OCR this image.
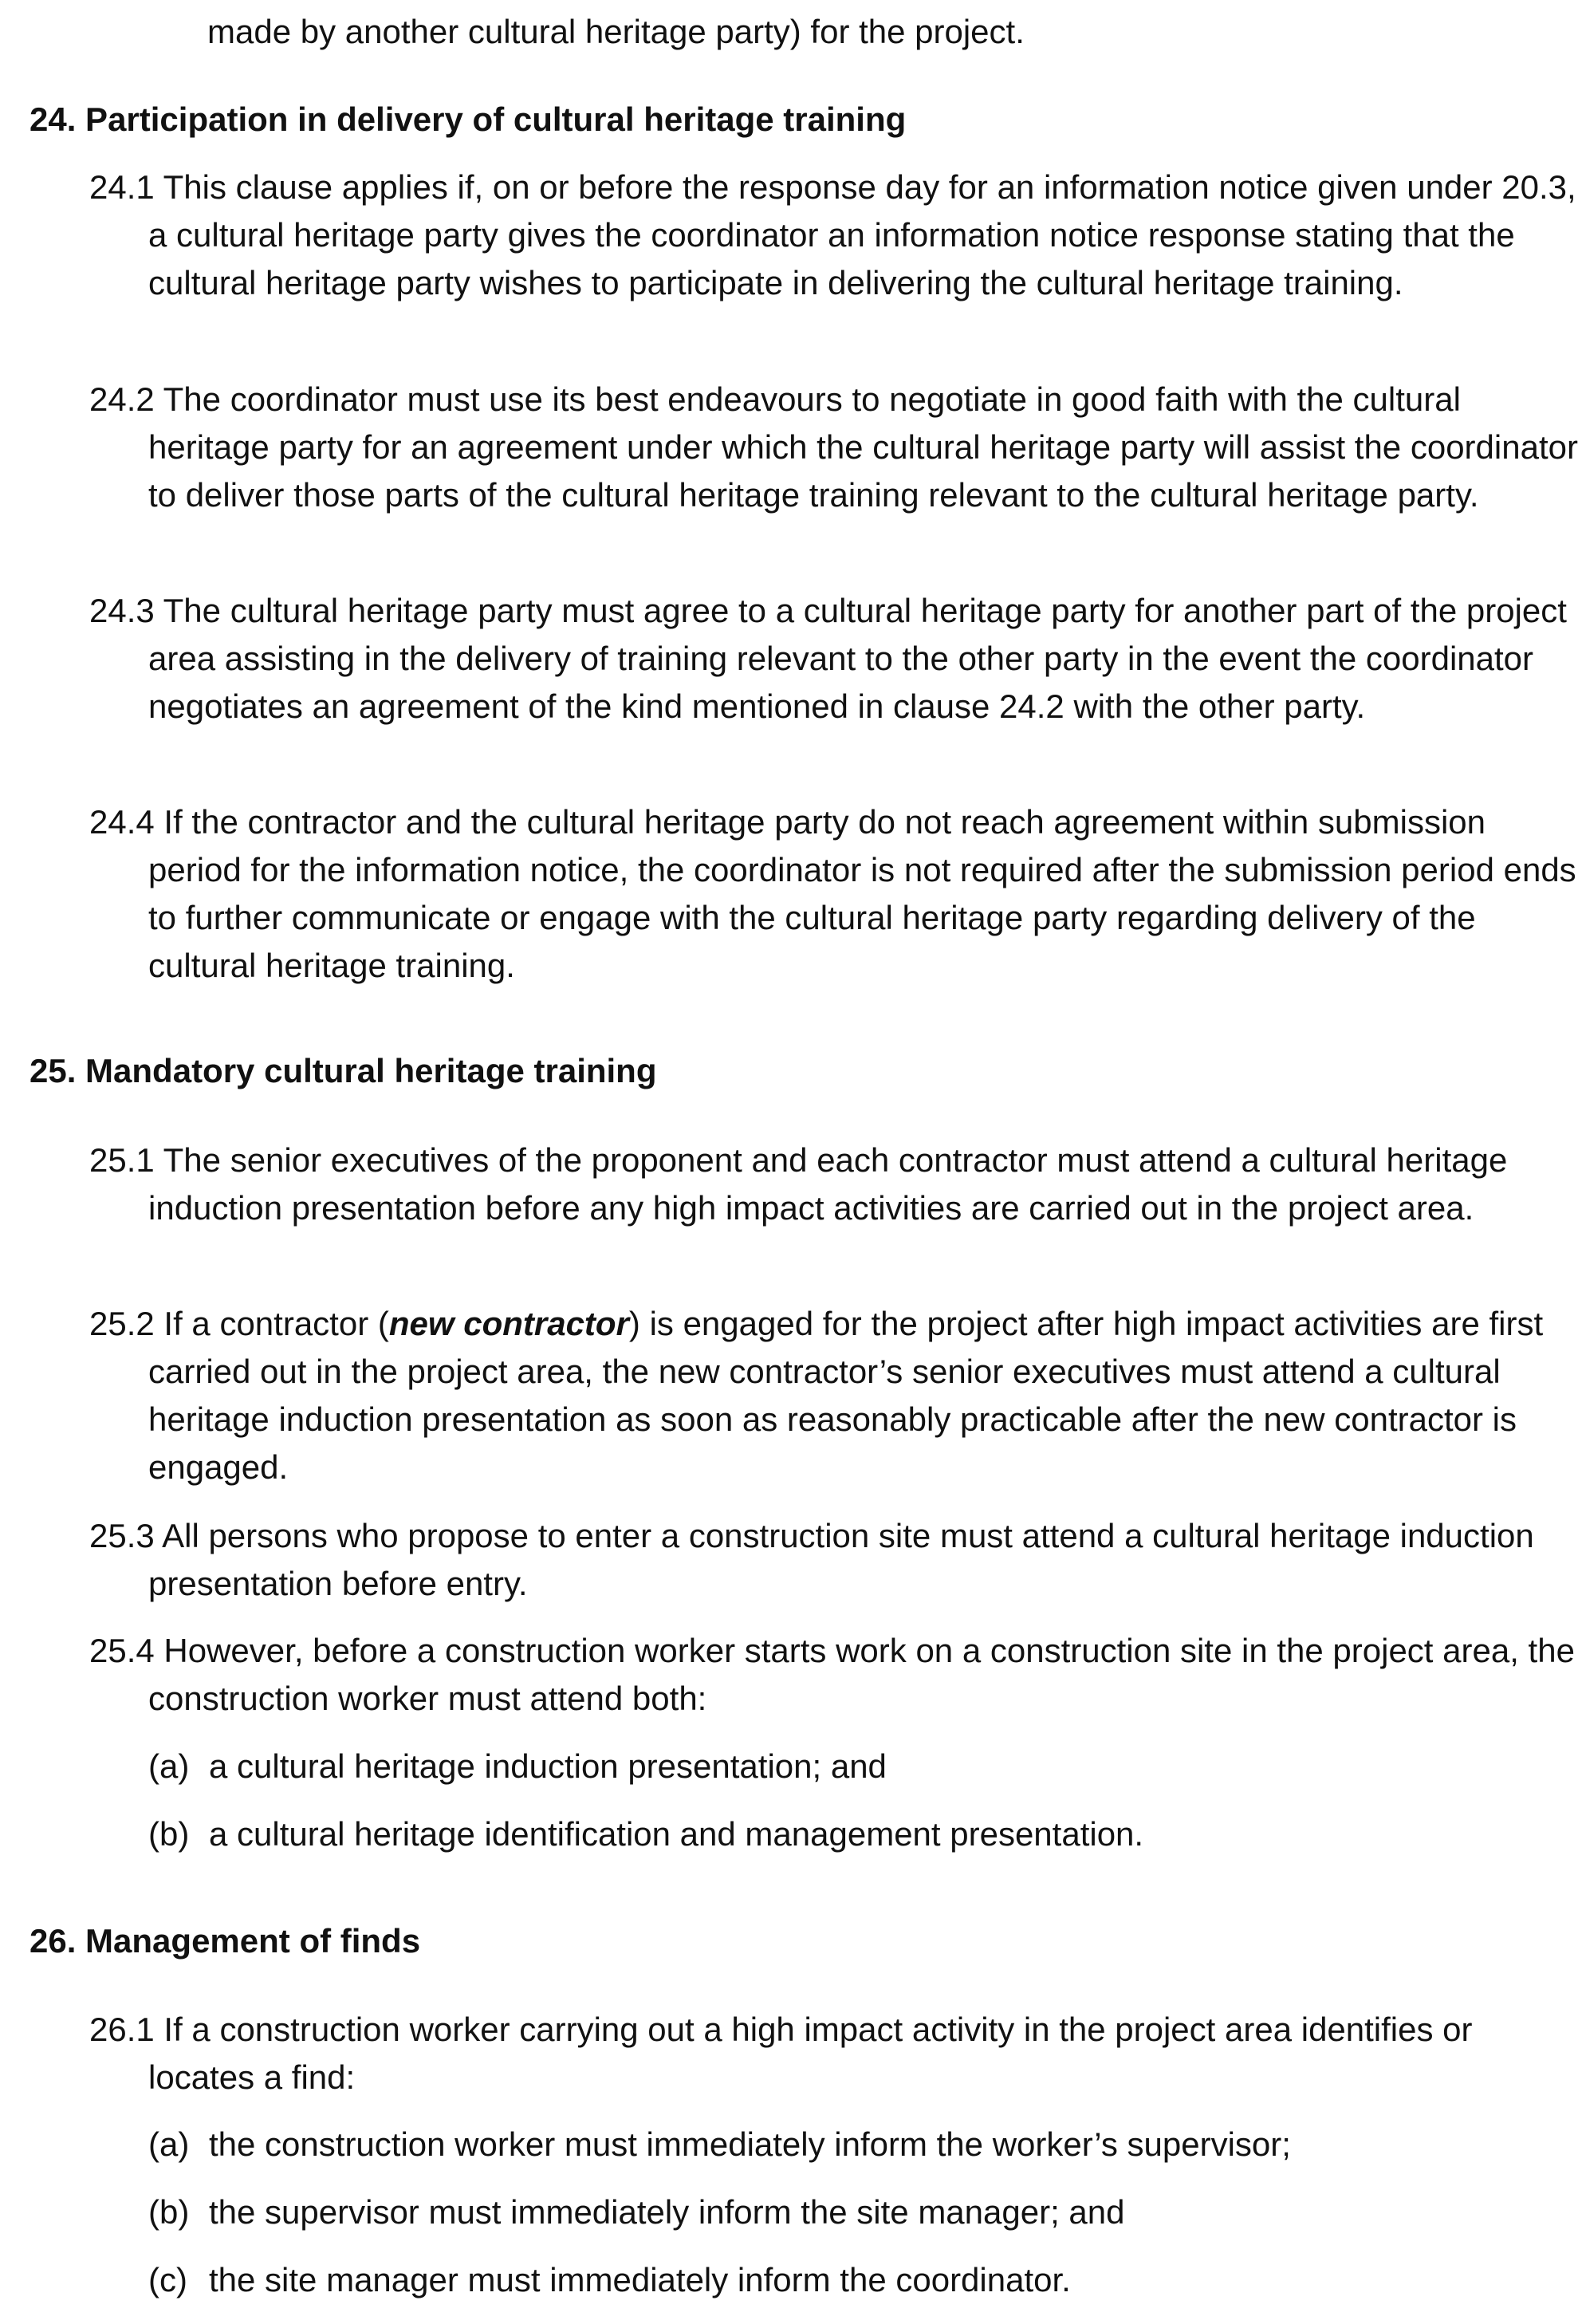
made by another cultural heritage party) for the project.

24. Participation in delivery of cultural heritage training

24.1 This clause applies if, on or before the response day for an information notice given under 20.3, a cultural heritage party gives the coordinator an information notice response stating that the cultural heritage party wishes to participate in delivering the cultural heritage training.

24.2 The coordinator must use its best endeavours to negotiate in good faith with the cultural heritage party for an agreement under which the cultural heritage party will assist the coordinator to deliver those parts of the cultural heritage training relevant to the cultural heritage party.

24.3 The cultural heritage party must agree to a cultural heritage party for another part of the project area assisting in the delivery of training relevant to the other party in the event the coordinator negotiates an agreement of the kind mentioned in clause 24.2 with the other party.

24.4 If the contractor and the cultural heritage party do not reach agreement within submission period for the information notice, the coordinator is not required after the submission period ends to further communicate or engage with the cultural heritage party regarding delivery of the cultural heritage training.

25. Mandatory cultural heritage training

25.1 The senior executives of the proponent and each contractor must attend a cultural heritage induction presentation before any high impact activities are carried out in the project area.

25.2 If a contractor (new contractor) is engaged for the project after high impact activities are first carried out in the project area, the new contractor’s senior executives must attend a cultural heritage induction presentation as soon as reasonably practicable after the new contractor is engaged.

25.3 All persons who propose to enter a construction site must attend a cultural heritage induction presentation before entry.

25.4 However, before a construction worker starts work on a construction site in the project area, the construction worker must attend both:

(a) a cultural heritage induction presentation; and

(b) a cultural heritage identification and management presentation.

26. Management of finds

26.1 If a construction worker carrying out a high impact activity in the project area identifies or locates a find:

(a) the construction worker must immediately inform the worker’s supervisor;

(b) the supervisor must immediately inform the site manager; and

(c) the site manager must immediately inform the coordinator.
